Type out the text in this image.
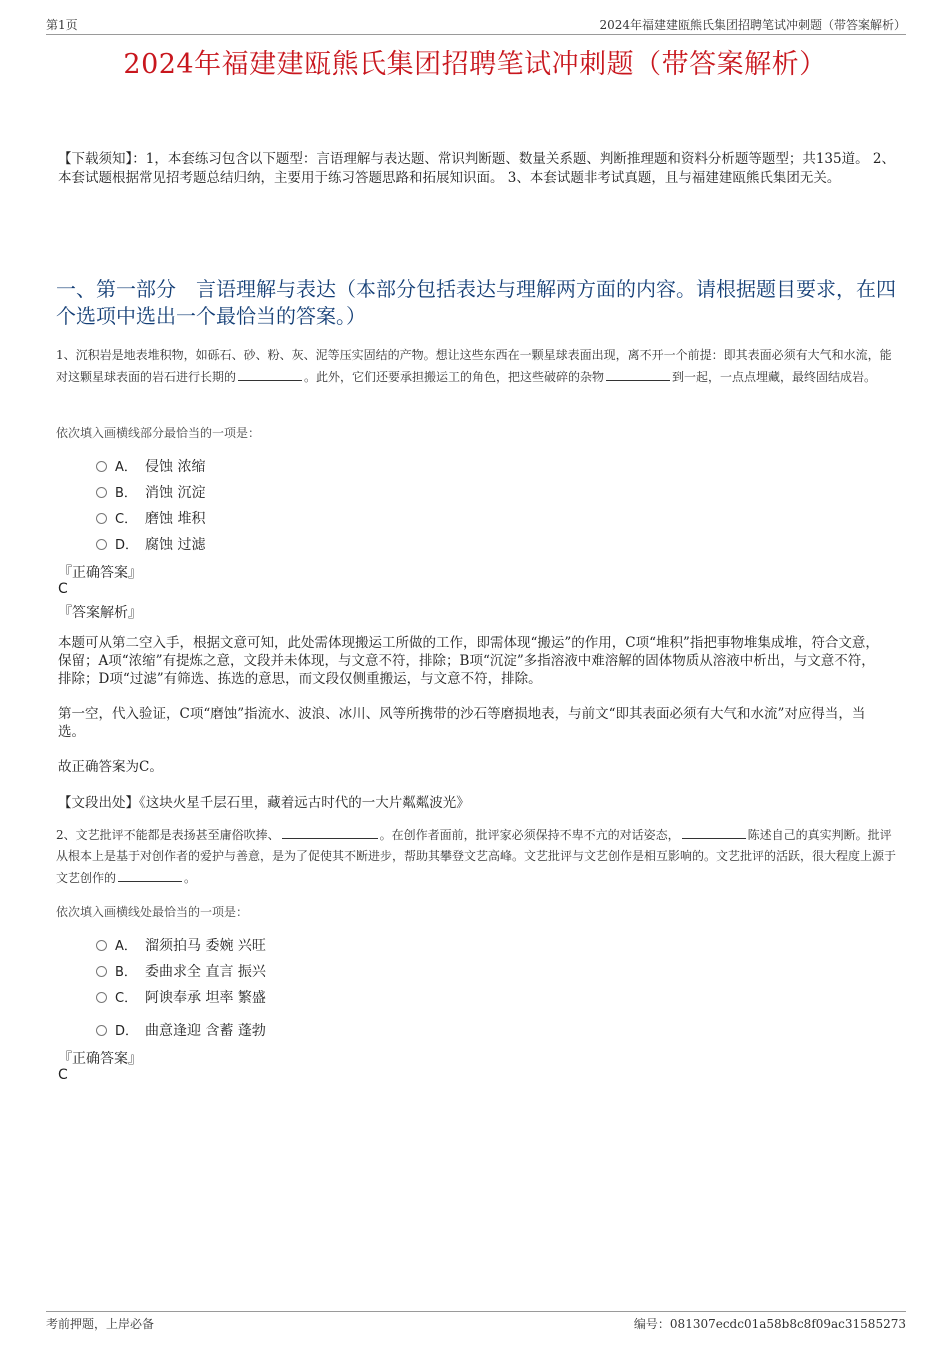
第1页	2024年福建建瓯熊氏集团招聘笔试冲刺题（带答案解析）
2024年福建建瓯熊氏集团招聘笔试冲刺题（带答案解析）
【下载须知】：1，本套练习包含以下题型：言语理解与表达题、常识判断题、数量关系题、判断推理题和资料分析题等题型；共135道。 2、本套试题根据常见招考题总结归纳，主要用于练习答题思路和拓展知识面。 3、本套试题非考试真题，且与福建建瓯熊氏集团无关。
一、第一部分　言语理解与表达（本部分包括表达与理解两方面的内容。请根据题目要求，在四个选项中选出一个最恰当的答案。）
1、沉积岩是地表堆积物，如砾石、砂、粉、灰、泥等压实固结的产物。想让这些东西在一颗星球表面出现，离不开一个前提：即其表面必须有大气和水流，能对这颗星球表面的岩石进行长期的	。此外，它们还要承担搬运工的角色，把这些破碎的杂物	到一起，一点点埋藏，最终固结成岩。
依次填入画横线部分最恰当的一项是：
A． 侵蚀 浓缩
B． 消蚀 沉淀
C． 磨蚀 堆积
D． 腐蚀 过滤
『正确答案』
C
『答案解析』
本题可从第二空入手，根据文意可知，此处需体现搬运工所做的工作，即需体现“搬运”的作用，C项“堆积”指把事物堆集成堆，符合文意，保留；A项“浓缩”有提炼之意，文段并未体现，与文意不符，排除；B项“沉淀”多指溶液中难溶解的固体物质从溶液中析出，与文意不符，排除；D项“过滤”有筛选、拣选的意思，而文段仅侧重搬运，与文意不符，排除。
第一空，代入验证，C项“磨蚀”指流水、波浪、冰川、风等所携带的沙石等磨损地表，与前文“即其表面必须有大气和水流”对应得当，当选。
故正确答案为C。
【文段出处】《这块火星千层石里，藏着远古时代的一大片粼粼波光》
2、文艺批评不能都是表扬甚至庸俗吹捧、	。在创作者面前，批评家必须保持不卑不亢的对话姿态，	陈述自己的真实判断。批评从根本上是基于对创作者的爱护与善意，是为了促使其不断进步，帮助其攀登文艺高峰。文艺批评与文艺创作是相互影响的。文艺批评的活跃，很大程度上源于文艺创作的	。
依次填入画横线处最恰当的一项是：
A． 溜须拍马 委婉 兴旺
B． 委曲求全 直言 振兴
C． 阿谀奉承 坦率 繁盛
D． 曲意逢迎 含蓄 蓬勃
『正确答案』
C
考前押题，上岸必备	编号：081307ecdc01a58b8c8f09ac31585273
